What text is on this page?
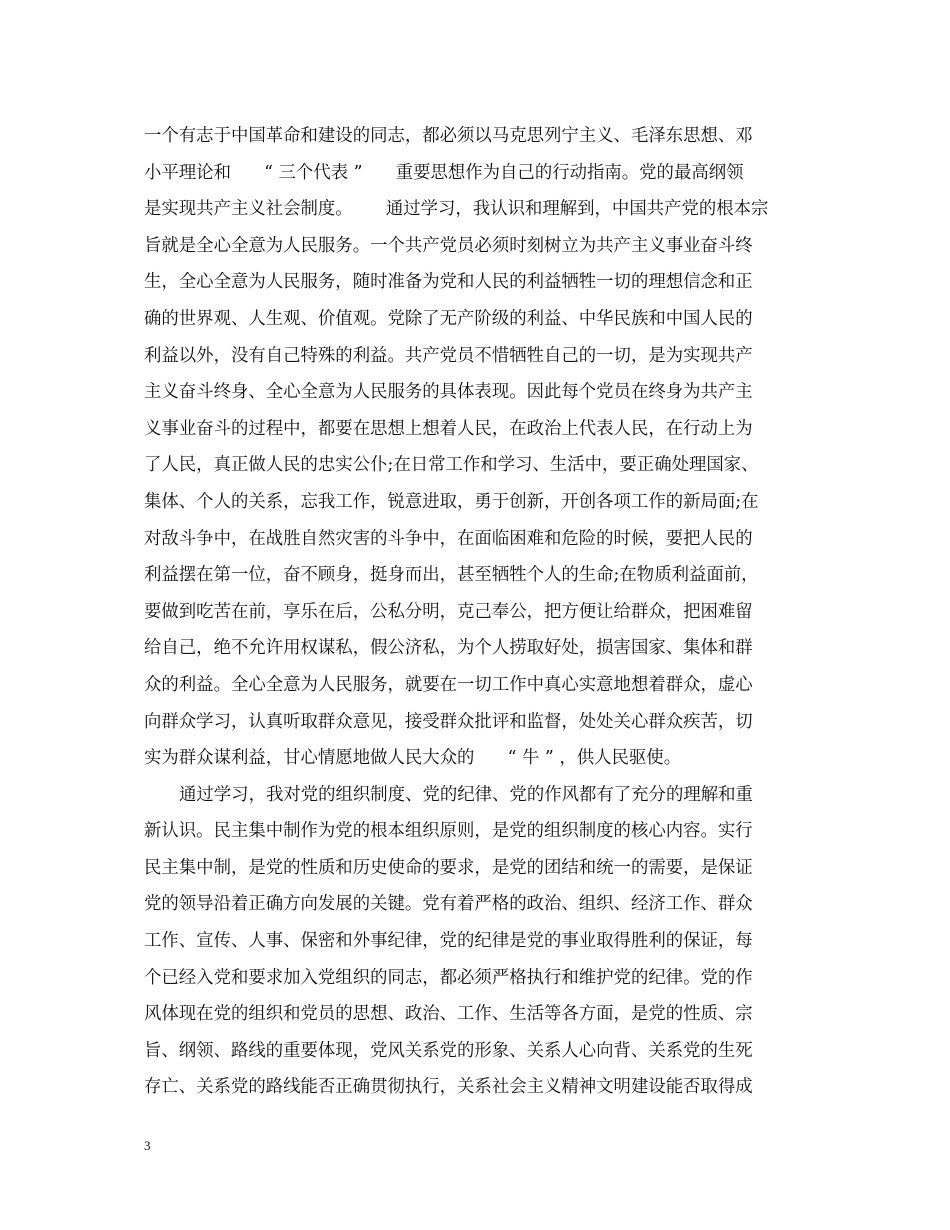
一个有志于中国革命和建设的同志，都必须以马克思列宁主义、毛泽东思想、邓
小平理论和      “ 三个代表 ”      重要思想作为自己的行动指南。党的最高纲领
是实现共产主义社会制度。      通过学习，我认识和理解到，中国共产党的根本宗
旨就是全心全意为人民服务。一个共产党员必须时刻树立为共产主义事业奋斗终
生，全心全意为人民服务，随时准备为党和人民的利益牺牲一切的理想信念和正
确的世界观、人生观、价值观。党除了无产阶级的利益、中华民族和中国人民的
利益以外，没有自己特殊的利益。共产党员不惜牺牲自己的一切，是为实现共产
主义奋斗终身、全心全意为人民服务的具体表现。因此每个党员在终身为共产主
义事业奋斗的过程中，都要在思想上想着人民，在政治上代表人民，在行动上为
了人民，真正做人民的忠实公仆;在日常工作和学习、生活中，要正确处理国家、
集体、个人的关系，忘我工作，锐意进取，勇于创新，开创各项工作的新局面;在
对敌斗争中，在战胜自然灾害的斗争中，在面临困难和危险的时候，要把人民的
利益摆在第一位，奋不顾身，挺身而出，甚至牺牲个人的生命;在物质利益面前，
要做到吃苦在前，享乐在后，公私分明，克己奉公，把方便让给群众，把困难留
给自己，绝不允许用权谋私，假公济私，为个人捞取好处，损害国家、集体和群
众的利益。全心全意为人民服务，就要在一切工作中真心实意地想着群众，虚心
向群众学习，认真听取群众意见，接受群众批评和监督，处处关心群众疾苦，切
实为群众谋利益，甘心情愿地做人民大众的      “ 牛 ” ，供人民驱使。
通过学习，我对党的组织制度、党的纪律、党的作风都有了充分的理解和重
新认识。民主集中制作为党的根本组织原则，是党的组织制度的核心内容。实行
民主集中制，是党的性质和历史使命的要求，是党的团结和统一的需要，是保证
党的领导沿着正确方向发展的关键。党有着严格的政治、组织、经济工作、群众
工作、宣传、人事、保密和外事纪律，党的纪律是党的事业取得胜利的保证，每
个已经入党和要求加入党组织的同志，都必须严格执行和维护党的纪律。党的作
风体现在党的组织和党员的思想、政治、工作、生活等各方面，是党的性质、宗
旨、纲领、路线的重要体现，党风关系党的形象、关系人心向背、关系党的生死
存亡、关系党的路线能否正确贯彻执行，关系社会主义精神文明建设能否取得成
3
